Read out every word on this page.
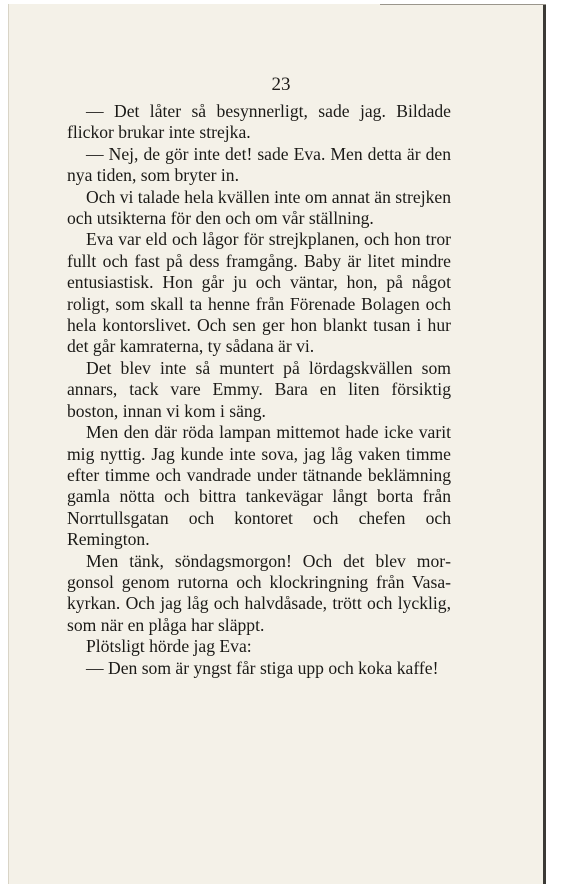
23

— Det låter så besynnerligt, sade jag. Bildade flickor brukar inte strejka.

— Nej, de gör inte det! sade Eva. Men detta är den nya tiden, som bryter in.

Och vi talade hela kvällen inte om annat än strejken och utsikterna för den och om vår ställning.

Eva var eld och lågor för strejkplanen, och hon tror fullt och fast på dess framgång. Baby är litet mindre entusiastisk. Hon går ju och väntar, hon, på något roligt, som skall ta henne från Förenade Bolagen och hela kontorslivet. Och sen ger hon blankt tusan i hur det går kamraterna, ty sådana är vi.

Det blev inte så muntert på lördagskvällen som annars, tack vare Emmy. Bara en liten försiktig boston, innan vi kom i säng.

Men den där röda lampan mittemot hade icke varit mig nyttig. Jag kunde inte sova, jag låg vaken timme efter timme och vandrade under tätnande beklämning gamla nötta och bittra tankevägar långt borta från Norrtullsgatan och kontoret och chefen och Remington.

Men tänk, söndagsmorgon! Och det blev morgonsol genom rutorna och klockringning från Vasakyrkan. Och jag låg och halvdåsade, trött och lycklig, som när en plåga har släppt.

Plötsligt hörde jag Eva:

— Den som är yngst får stiga upp och koka kaffe!
